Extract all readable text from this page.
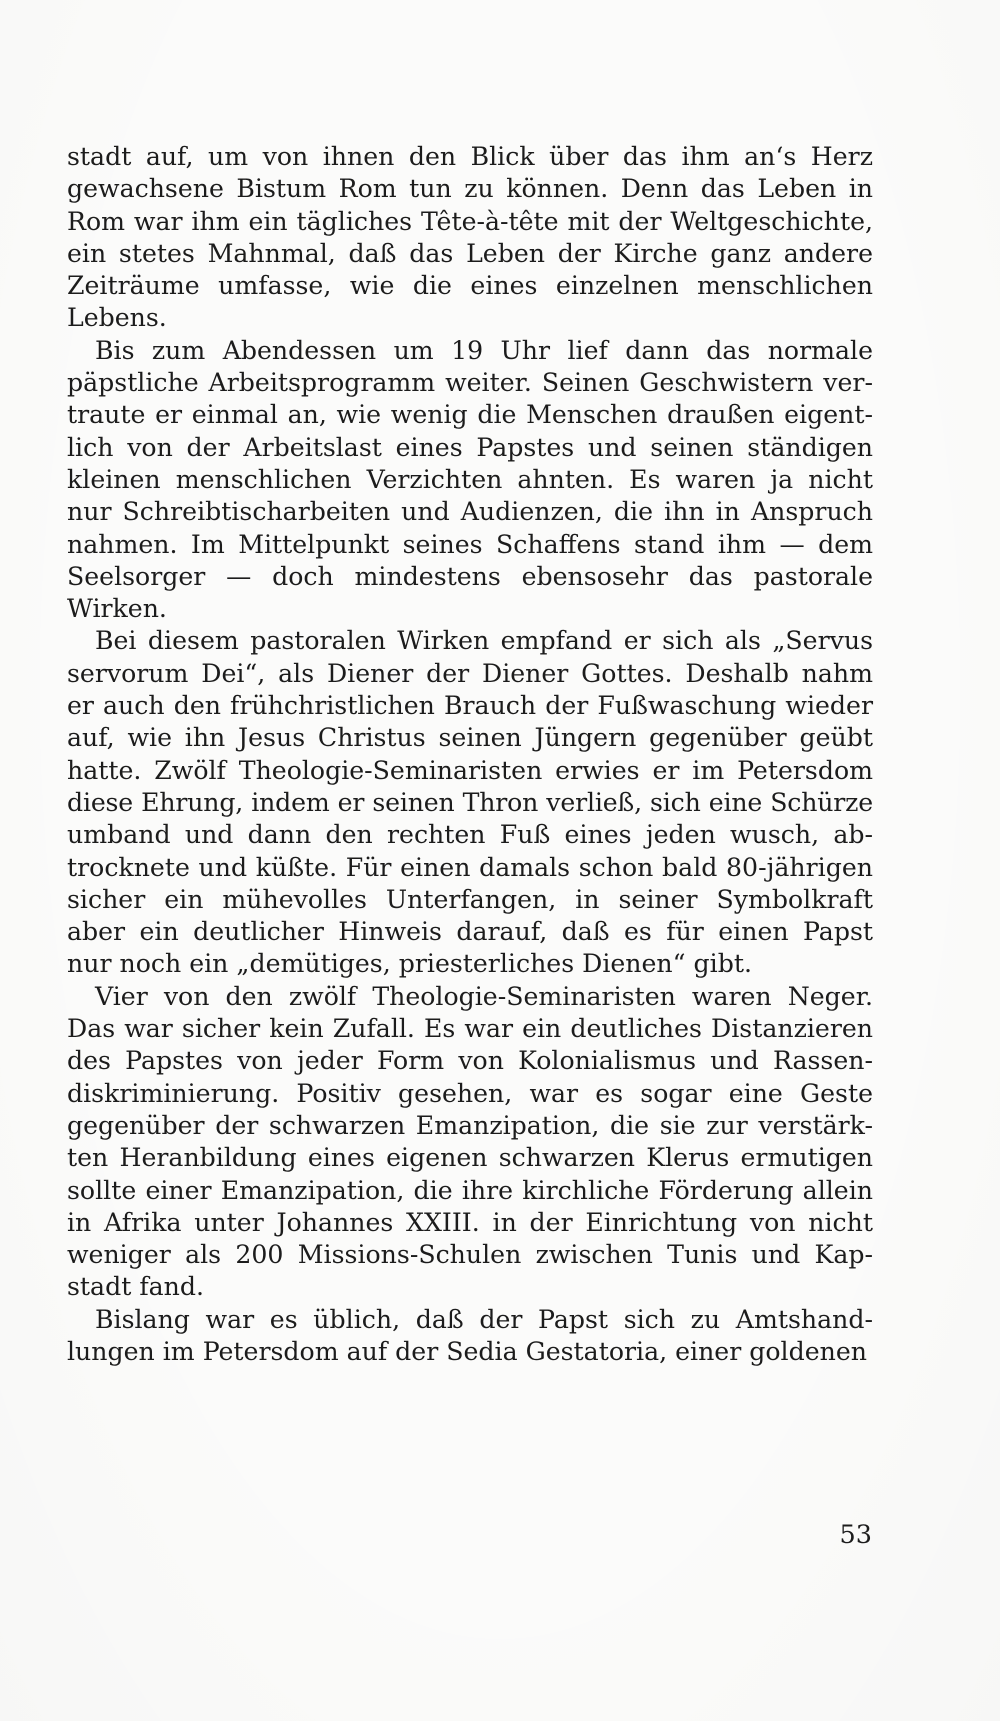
stadt auf, um von ihnen den Blick über das ihm an‘s Herz
gewachsene Bistum Rom tun zu können. Denn das Leben in
Rom war ihm ein tägliches Tête-à-tête mit der Weltgeschichte,
ein stetes Mahnmal, daß das Leben der Kirche ganz andere
Zeiträume umfasse, wie die eines einzelnen menschlichen
Lebens.
Bis zum Abendessen um 19 Uhr lief dann das normale
päpstliche Arbeitsprogramm weiter. Seinen Geschwistern ver-
traute er einmal an, wie wenig die Menschen draußen eigent-
lich von der Arbeitslast eines Papstes und seinen ständigen
kleinen menschlichen Verzichten ahnten. Es waren ja nicht
nur Schreibtischarbeiten und Audienzen, die ihn in Anspruch
nahmen. Im Mittelpunkt seines Schaffens stand ihm — dem
Seelsorger — doch mindestens ebensosehr das pastorale
Wirken.
Bei diesem pastoralen Wirken empfand er sich als „Servus
servorum Dei“, als Diener der Diener Gottes. Deshalb nahm
er auch den frühchristlichen Brauch der Fußwaschung wieder
auf, wie ihn Jesus Christus seinen Jüngern gegenüber geübt
hatte. Zwölf Theologie-Seminaristen erwies er im Petersdom
diese Ehrung, indem er seinen Thron verließ, sich eine Schürze
umband und dann den rechten Fuß eines jeden wusch, ab-
trocknete und küßte. Für einen damals schon bald 80-jährigen
sicher ein mühevolles Unterfangen, in seiner Symbolkraft
aber ein deutlicher Hinweis darauf, daß es für einen Papst
nur noch ein „demütiges, priesterliches Dienen“ gibt.
Vier von den zwölf Theologie-Seminaristen waren Neger.
Das war sicher kein Zufall. Es war ein deutliches Distanzieren
des Papstes von jeder Form von Kolonialismus und Rassen-
diskriminierung. Positiv gesehen, war es sogar eine Geste
gegenüber der schwarzen Emanzipation, die sie zur verstärk-
ten Heranbildung eines eigenen schwarzen Klerus ermutigen
sollte einer Emanzipation, die ihre kirchliche Förderung allein
in Afrika unter Johannes XXIII. in der Einrichtung von nicht
weniger als 200 Missions-Schulen zwischen Tunis und Kap-
stadt fand.
Bislang war es üblich, daß der Papst sich zu Amtshand-
lungen im Petersdom auf der Sedia Gestatoria, einer goldenen
53
